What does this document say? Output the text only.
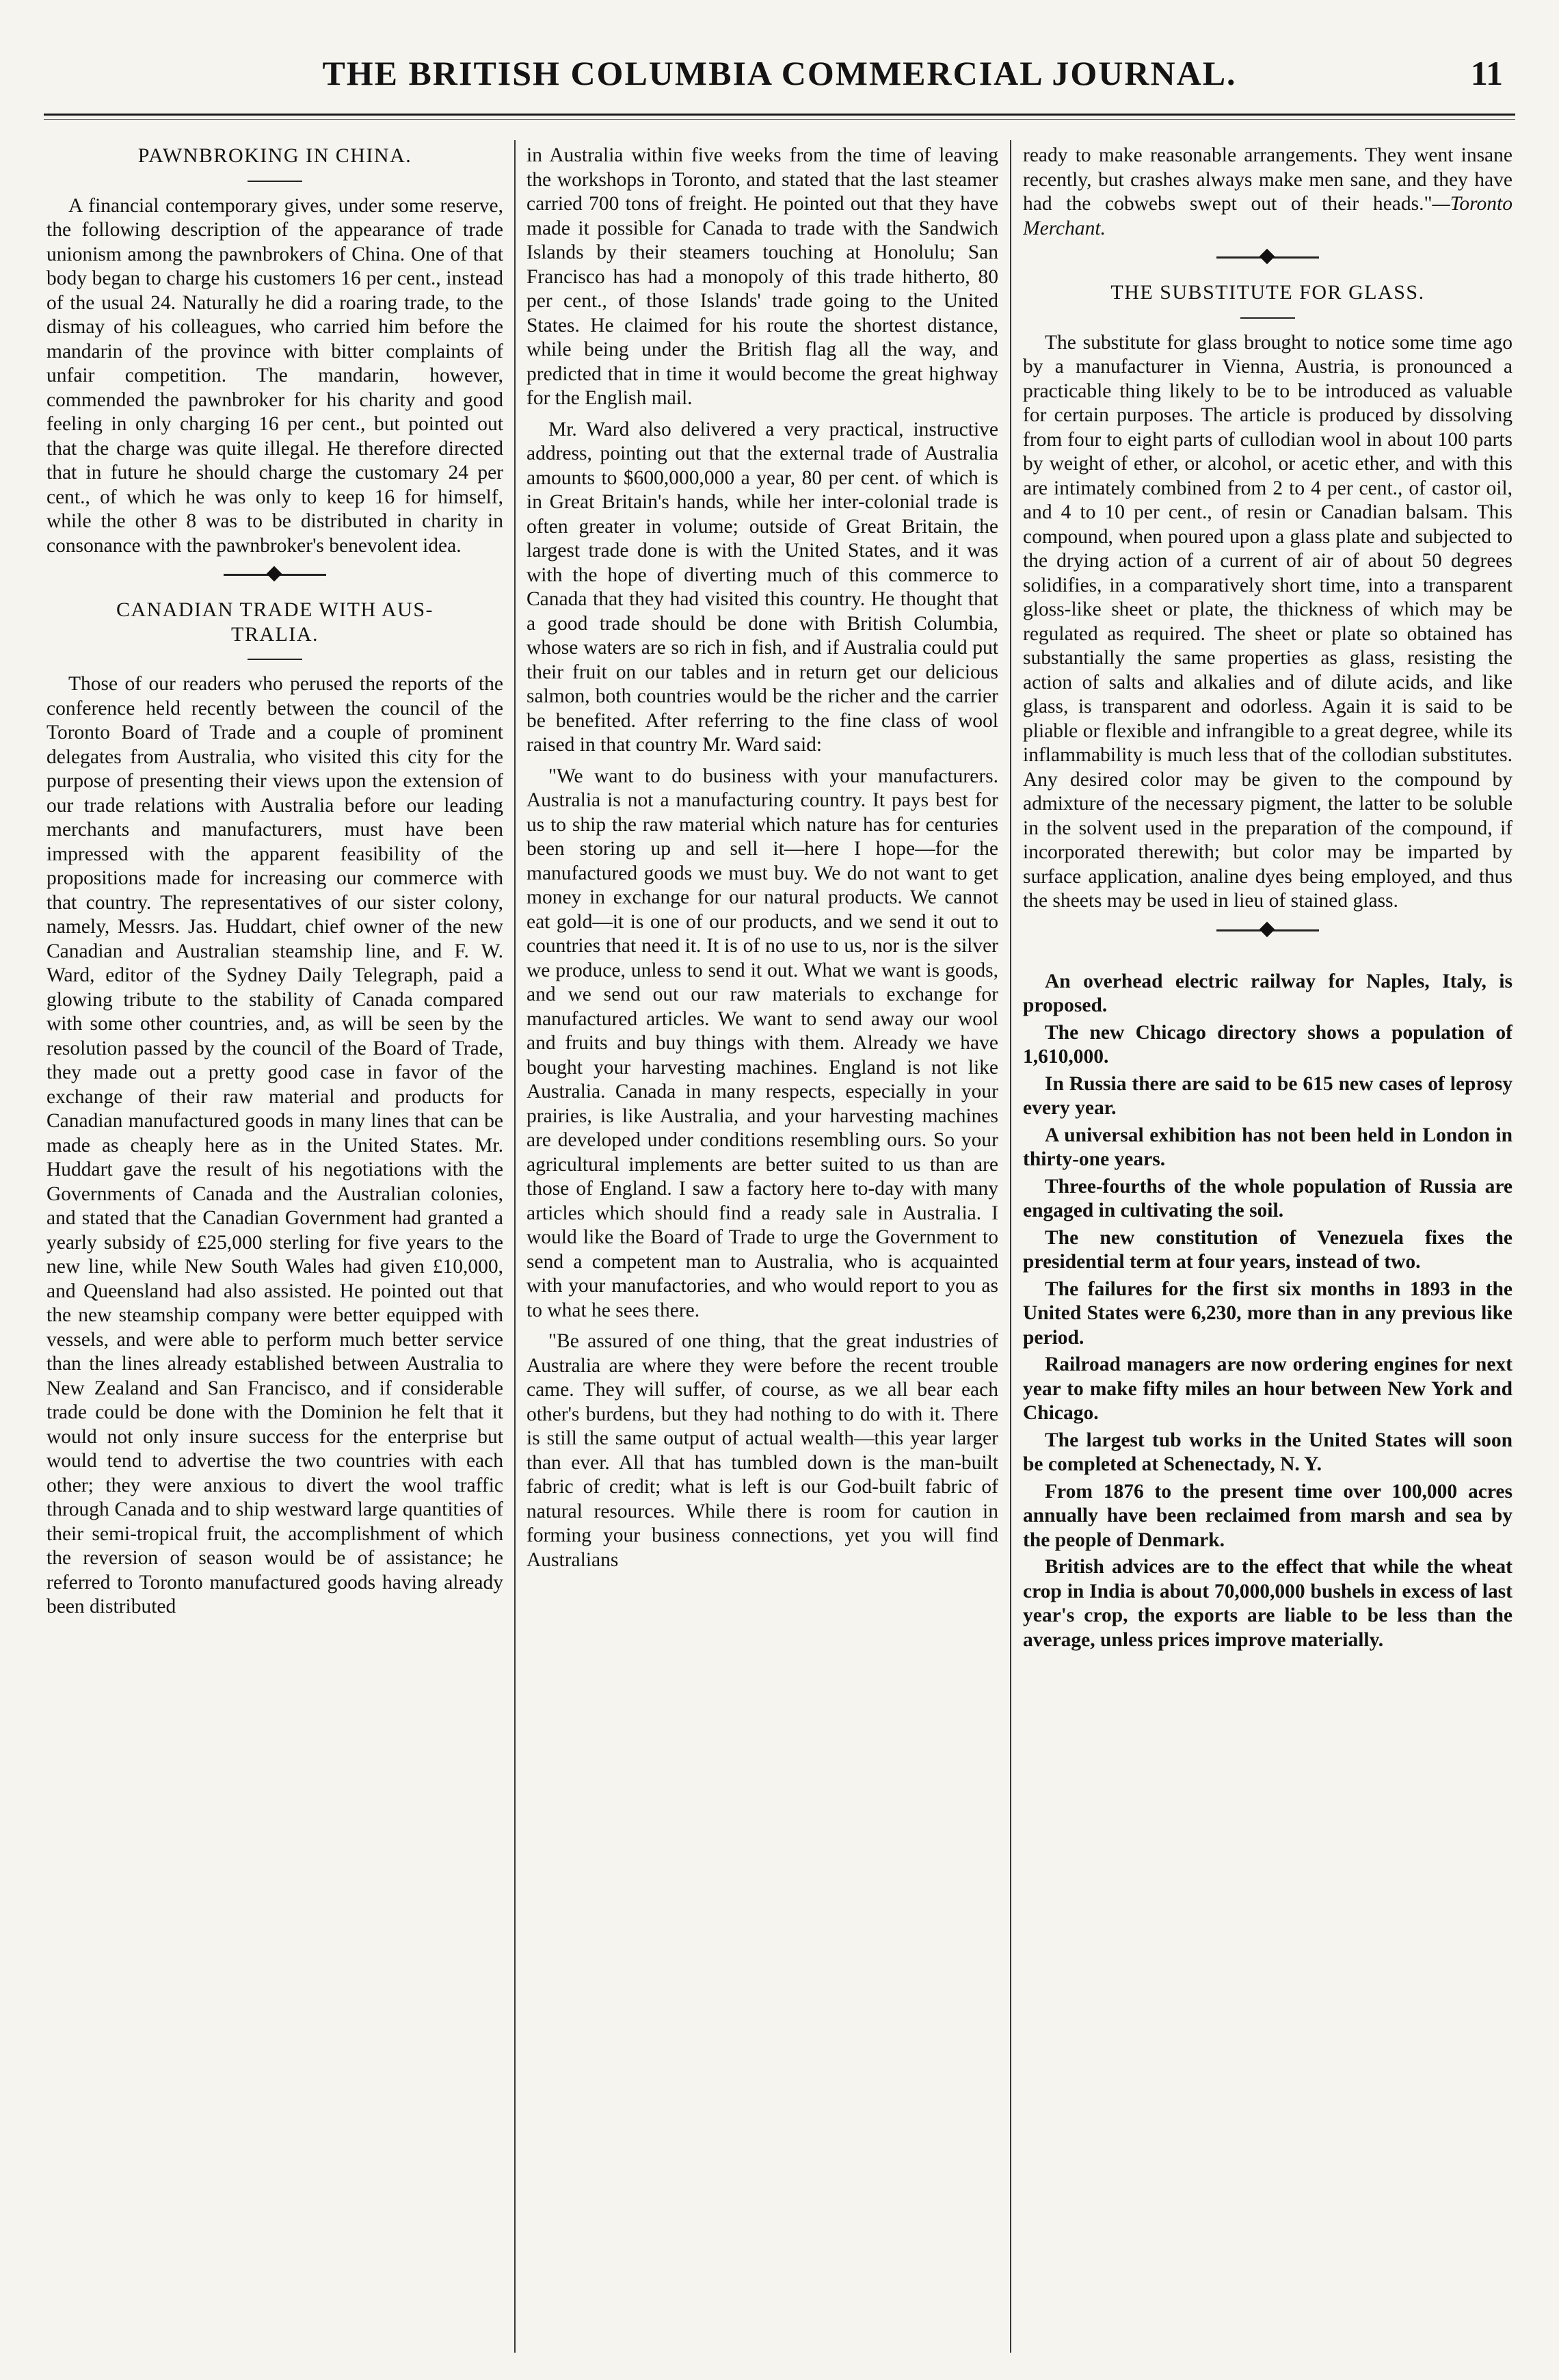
THE BRITISH COLUMBIA COMMERCIAL JOURNAL.	11
PAWNBROKING IN CHINA.

A financial contemporary gives, under some reserve, the following description of the appearance of trade unionism among the pawnbrokers of China. One of that body began to charge his customers 16 per cent., instead of the usual 24. Naturally he did a roaring trade, to the dismay of his colleagues, who carried him before the mandarin of the province with bitter complaints of unfair competition. The mandarin, however, commended the pawnbroker for his charity and good feeling in only charging 16 per cent., but pointed out that the charge was quite illegal. He therefore directed that in future he should charge the customary 24 per cent., of which he was only to keep 16 for himself, while the other 8 was to be distributed in charity in consonance with the pawnbroker's benevolent idea.

CANADIAN TRADE WITH AUS-
TRALIA.

Those of our readers who perused the reports of the conference held recently between the council of the Toronto Board of Trade and a couple of prominent delegates from Australia, who visited this city for the purpose of presenting their views upon the extension of our trade relations with Australia before our leading merchants and manufacturers, must have been impressed with the apparent feasibility of the propositions made for increasing our commerce with that country. The representatives of our sister colony, namely, Messrs. Jas. Huddart, chief owner of the new Canadian and Australian steamship line, and F. W. Ward, editor of the Sydney Daily Telegraph, paid a glowing tribute to the stability of Canada compared with some other countries, and, as will be seen by the resolution passed by the council of the Board of Trade, they made out a pretty good case in favor of the exchange of their raw material and products for Canadian manufactured goods in many lines that can be made as cheaply here as in the United States. Mr. Huddart gave the result of his negotiations with the Governments of Canada and the Australian colonies, and stated that the Canadian Government had granted a yearly subsidy of £25,000 sterling for five years to the new line, while New South Wales had given £10,000, and Queensland had also assisted. He pointed out that the new steamship company were better equipped with vessels, and were able to perform much better service than the lines already established between Australia to New Zealand and San Francisco, and if considerable trade could be done with the Dominion he felt that it would not only insure success for the enterprise but would tend to advertise the two countries with each other; they were anxious to divert the wool traffic through Canada and to ship westward large quantities of their semi-tropical fruit, the accomplishment of which the reversion of season would be of assistance; he referred to Toronto manufactured goods having already been distributed

in Australia within five weeks from the time of leaving the workshops in Toronto, and stated that the last steamer carried 700 tons of freight. He pointed out that they have made it possible for Canada to trade with the Sandwich Islands by their steamers touching at Honolulu; San Francisco has had a monopoly of this trade hitherto, 80 per cent., of those Islands' trade going to the United States. He claimed for his route the shortest distance, while being under the British flag all the way, and predicted that in time it would become the great highway for the English mail.

Mr. Ward also delivered a very practical, instructive address, pointing out that the external trade of Australia amounts to $600,000,000 a year, 80 per cent. of which is in Great Britain's hands, while her inter-colonial trade is often greater in volume; outside of Great Britain, the largest trade done is with the United States, and it was with the hope of diverting much of this commerce to Canada that they had visited this country. He thought that a good trade should be done with British Columbia, whose waters are so rich in fish, and if Australia could put their fruit on our tables and in return get our delicious salmon, both countries would be the richer and the carrier be benefited. After referring to the fine class of wool raised in that country Mr. Ward said:

"We want to do business with your manufacturers. Australia is not a manufacturing country. It pays best for us to ship the raw material which nature has for centuries been storing up and sell it—here I hope—for the manufactured goods we must buy. We do not want to get money in exchange for our natural products. We cannot eat gold—it is one of our products, and we send it out to countries that need it. It is of no use to us, nor is the silver we produce, unless to send it out. What we want is goods, and we send out our raw materials to exchange for manufactured articles. We want to send away our wool and fruits and buy things with them. Already we have bought your harvesting machines. England is not like Australia. Canada in many respects, especially in your prairies, is like Australia, and your harvesting machines are developed under conditions resembling ours. So your agricultural implements are better suited to us than are those of England. I saw a factory here to-day with many articles which should find a ready sale in Australia. I would like the Board of Trade to urge the Government to send a competent man to Australia, who is acquainted with your manufactories, and who would report to you as to what he sees there.

"Be assured of one thing, that the great industries of Australia are where they were before the recent trouble came. They will suffer, of course, as we all bear each other's burdens, but they had nothing to do with it. There is still the same output of actual wealth—this year larger than ever. All that has tumbled down is the man-built fabric of credit; what is left is our God-built fabric of natural resources. While there is room for caution in forming your business connections, yet you will find Australians

ready to make reasonable arrangements. They went insane recently, but crashes always make men sane, and they have had the cobwebs swept out of their heads."—Toronto Merchant.

THE SUBSTITUTE FOR GLASS.

The substitute for glass brought to notice some time ago by a manufacturer in Vienna, Austria, is pronounced a practicable thing likely to be to be introduced as valuable for certain purposes. The article is produced by dissolving from four to eight parts of cullodian wool in about 100 parts by weight of ether, or alcohol, or acetic ether, and with this are intimately combined from 2 to 4 per cent., of castor oil, and 4 to 10 per cent., of resin or Canadian balsam. This compound, when poured upon a glass plate and subjected to the drying action of a current of air of about 50 degrees solidifies, in a comparatively short time, into a transparent gloss-like sheet or plate, the thickness of which may be regulated as required. The sheet or plate so obtained has substantially the same properties as glass, resisting the action of salts and alkalies and of dilute acids, and like glass, is transparent and odorless. Again it is said to be pliable or flexible and infrangible to a great degree, while its inflammability is much less that of the collodian substitutes. Any desired color may be given to the compound by admixture of the necessary pigment, the latter to be soluble in the solvent used in the preparation of the compound, if incorporated therewith; but color may be imparted by surface application, analine dyes being employed, and thus the sheets may be used in lieu of stained glass.

An overhead electric railway for Naples, Italy, is proposed.

The new Chicago directory shows a population of 1,610,000.

In Russia there are said to be 615 new cases of leprosy every year.

A universal exhibition has not been held in London in thirty-one years.

Three-fourths of the whole population of Russia are engaged in cultivating the soil.

The new constitution of Venezuela fixes the presidential term at four years, instead of two.

The failures for the first six months in 1893 in the United States were 6,230, more than in any previous like period.

Railroad managers are now ordering engines for next year to make fifty miles an hour between New York and Chicago.

The largest tub works in the United States will soon be completed at Schenectady, N. Y.

From 1876 to the present time over 100,000 acres annually have been reclaimed from marsh and sea by the people of Denmark.

British advices are to the effect that while the wheat crop in India is about 70,000,000 bushels in excess of last year's crop, the exports are liable to be less than the average, unless prices improve materially.
